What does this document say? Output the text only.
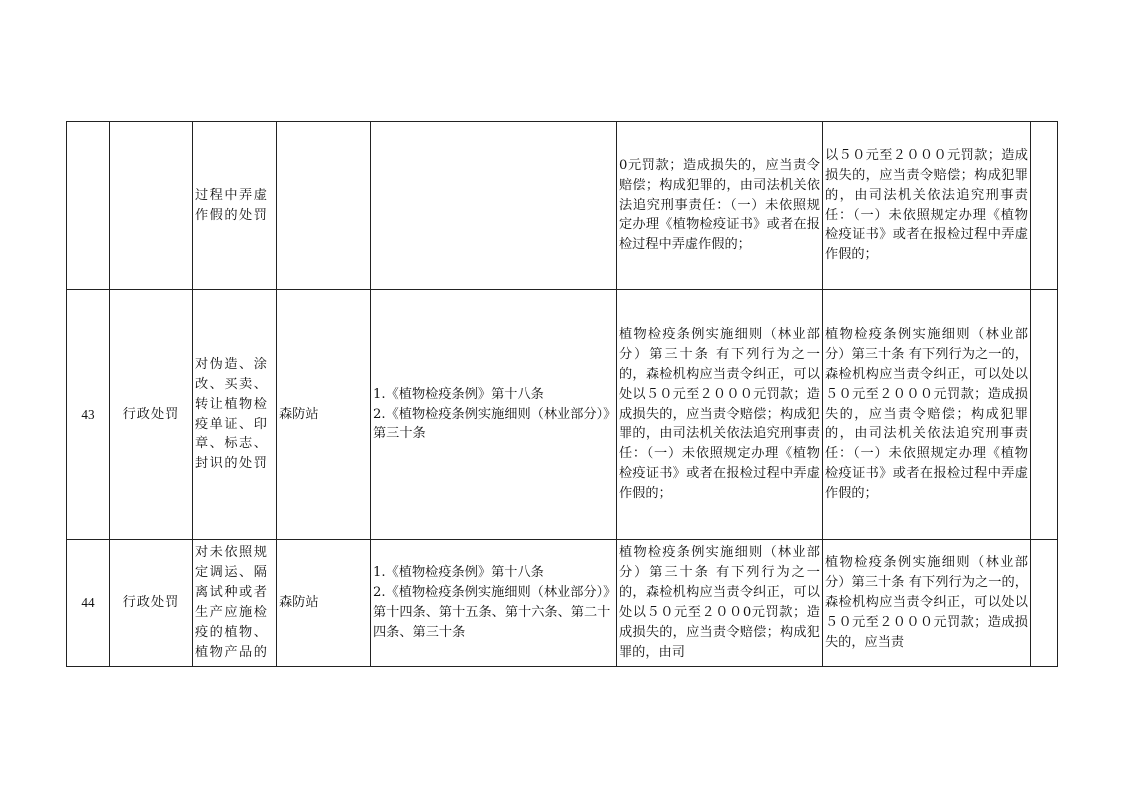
		过程中弄虚作假的处罚			0元罚款；造成损失的，应当责令赔偿；构成犯罪的，由司法机关依法追究刑事责任：（一）未依照规定办理《植物检疫证书》或者在报检过程中弄虚作假的；	以５０元至２０００元罚款；造成损失的，应当责令赔偿；构成犯罪的，由司法机关依法追究刑事责任：（一）未依照规定办理《植物检疫证书》或者在报检过程中弄虚作假的；	
43	行政处罚	对伪造、涂改、买卖、转让植物检疫单证、印章、标志、封识的处罚	森防站	1.《植物检疫条例》第十八条
2.《植物检疫条例实施细则（林业部分）》第三十条	植物检疫条例实施细则（林业部分）第三十条 有下列行为之一的，森检机构应当责令纠正，可以处以５０元至２０００元罚款；造成损失的，应当责令赔偿；构成犯罪的，由司法机关依法追究刑事责任：（一）未依照规定办理《植物检疫证书》或者在报检过程中弄虚作假的；	植物检疫条例实施细则（林业部分）第三十条 有下列行为之一的，森检机构应当责令纠正，可以处以５０元至２０００元罚款；造成损失的，应当责令赔偿；构成犯罪的，由司法机关依法追究刑事责任：（一）未依照规定办理《植物检疫证书》或者在报检过程中弄虚作假的；	
44	行政处罚	对未依照规定调运、隔离试种或者生产应施检疫的植物、植物产品的	森防站	1.《植物检疫条例》第十八条
2.《植物检疫条例实施细则（林业部分）》第十四条、第十五条、第十六条、第二十四条、第三十条	植物检疫条例实施细则（林业部分）第三十条 有下列行为之一的，森检机构应当责令纠正，可以处以５０元至２００0元罚款；造成损失的，应当责令赔偿；构成犯罪的，由司	植物检疫条例实施细则（林业部分）第三十条 有下列行为之一的，森检机构应当责令纠正，可以处以５０元至２０００元罚款；造成损失的，应当责	
